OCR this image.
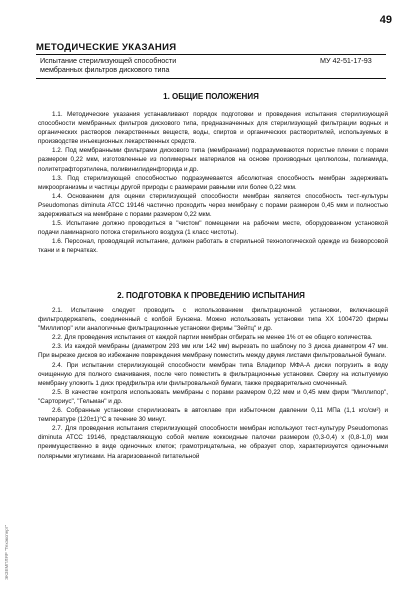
49
МЕТОДИЧЕСКИЕ УКАЗАНИЯ
Испытание стерилизующей способности
мембранных фильтров дискового типа
МУ 42-51-17-93
1. ОБЩИЕ ПОЛОЖЕНИЯ

1.1. Методические указания устанавливают порядок подготовки и проведения испытания стерилизующей способности мембранных фильтров дискового типа, предназначенных для стерилизующей фильтрации водных и органических растворов лекарственных веществ, воды, спиртов и органических растворителей, используемых в производстве инъекционных лекарственных средств.

1.2. Под мембранными фильтрами дискового типа (мембранами) подразумеваются пористые пленки с порами размером 0,22 мкм, изготовленные из полимерных материалов на основе производных целлюлозы, полиамида, политетрафторэтилена, поливинилиденфторида и др.

1.3. Под стерилизующей способностью подразумевается абсолютная способность мембран задерживать микроорганизмы и частицы другой природы с размерами равными или более 0,22 мкм.

1.4. Основанием для оценки стерилизующей способности мембран является способность тест-культуры Pseudomonas diminuta АТСС 19146 частично проходить через мембрану с порами размером 0,45 мкм и полностью задерживаться на мембране с порами размером 0,22 мкм.

1.5. Испытание должно проводиться в "чистом" помещении на рабочем месте, оборудованном установкой подачи ламинарного потока стерильного воздуха (1 класс чистоты).

1.6. Персонал, проводящий испытание, должен работать в стерильной технологической одежде из безворсовой ткани и в перчатках.

2. ПОДГОТОВКА К ПРОВЕДЕНИЮ ИСПЫТАНИЯ

2.1. Испытание следует проводить с использованием фильтрационной установки, включающей фильтродержатель, соединенный с колбой Бунзена. Можно использовать установки типа ХХ 1004720 фирмы "Миллипор" или аналогичные фильтрационные установки фирмы "Зейтц" и др.

2.2. Для проведения испытания от каждой партии мембран отбирать не менее 1% от ее общего количества.

2.3. Из каждой мембраны (диаметром 293 мм или 142 мм) вырезать по шаблону по 3 диска диаметром 47 мм. При вырезке дисков во избежание повреждения мембрану поместить между двумя листами фильтровальной бумаги.

2.4. При испытании стерилизующей способности мембран типа Владипор МФА-А диски погрузить в воду очищенную для полного смачивания, после чего поместить в фильтрационные установки. Сверху на испытуемую мембрану уложить 1 диск предфильтра или фильтровальной бумаги, также предварительно смоченный.

2.5. В качестве контроля использовать мембраны с порами размером 0,22 мкм и 0,45 мкм фирм "Миллипор", "Сарториус", "Гельман" и др.

2.6. Собранные установки стерилизовать в автоклаве при избыточном давлении 0,11 МПа (1,1 кгс/см²) и температуре (120±1)°С в течение 30 минут.

2.7. Для проведения испытания стерилизующей способности мембран используют тест-культуру Pseudomonas diminuta АТСС 19146, представляющую собой мелкие коккоидные палочки размером (0,3-0,4) х (0,8-1,0) мкм преимущественно в виде одиночных клеток; грамотрицательна, не образует спор, характеризуется одиночными полярными жгутиками. На агаризованной питательной

ЭКЗЕМПЛЯР "Техэксперт"
